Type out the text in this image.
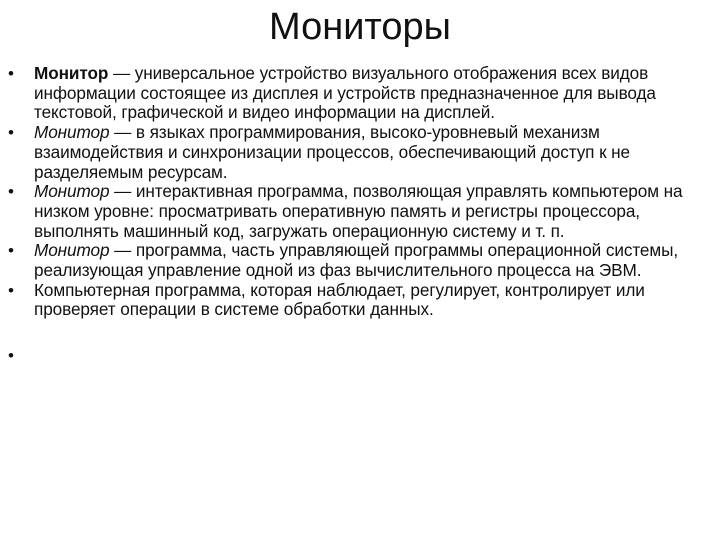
Мониторы
•	Монитор — универсальное устройство визуального отображения всех видов информации состоящее из дисплея и устройств предназначенное для вывода текстовой, графической и видео информации на дисплей.
•	Монитор — в языках программирования, высоко-уровневый механизм взаимодействия и синхронизации процессов, обеспечивающий доступ к не разделяемым ресурсам.
•	Монитор — интерактивная программа, позволяющая управлять компьютером на низком уровне: просматривать оперативную память и регистры процессора, выполнять машинный код, загружать операционную систему и т. п.
•	Монитор — программа, часть управляющей программы операционной системы, реализующая управление одной из фаз вычислительного процесса на ЭВМ.
•	Компьютерная программа, которая наблюдает, регулирует, контролирует или проверяет операции в системе обработки данных.
•
